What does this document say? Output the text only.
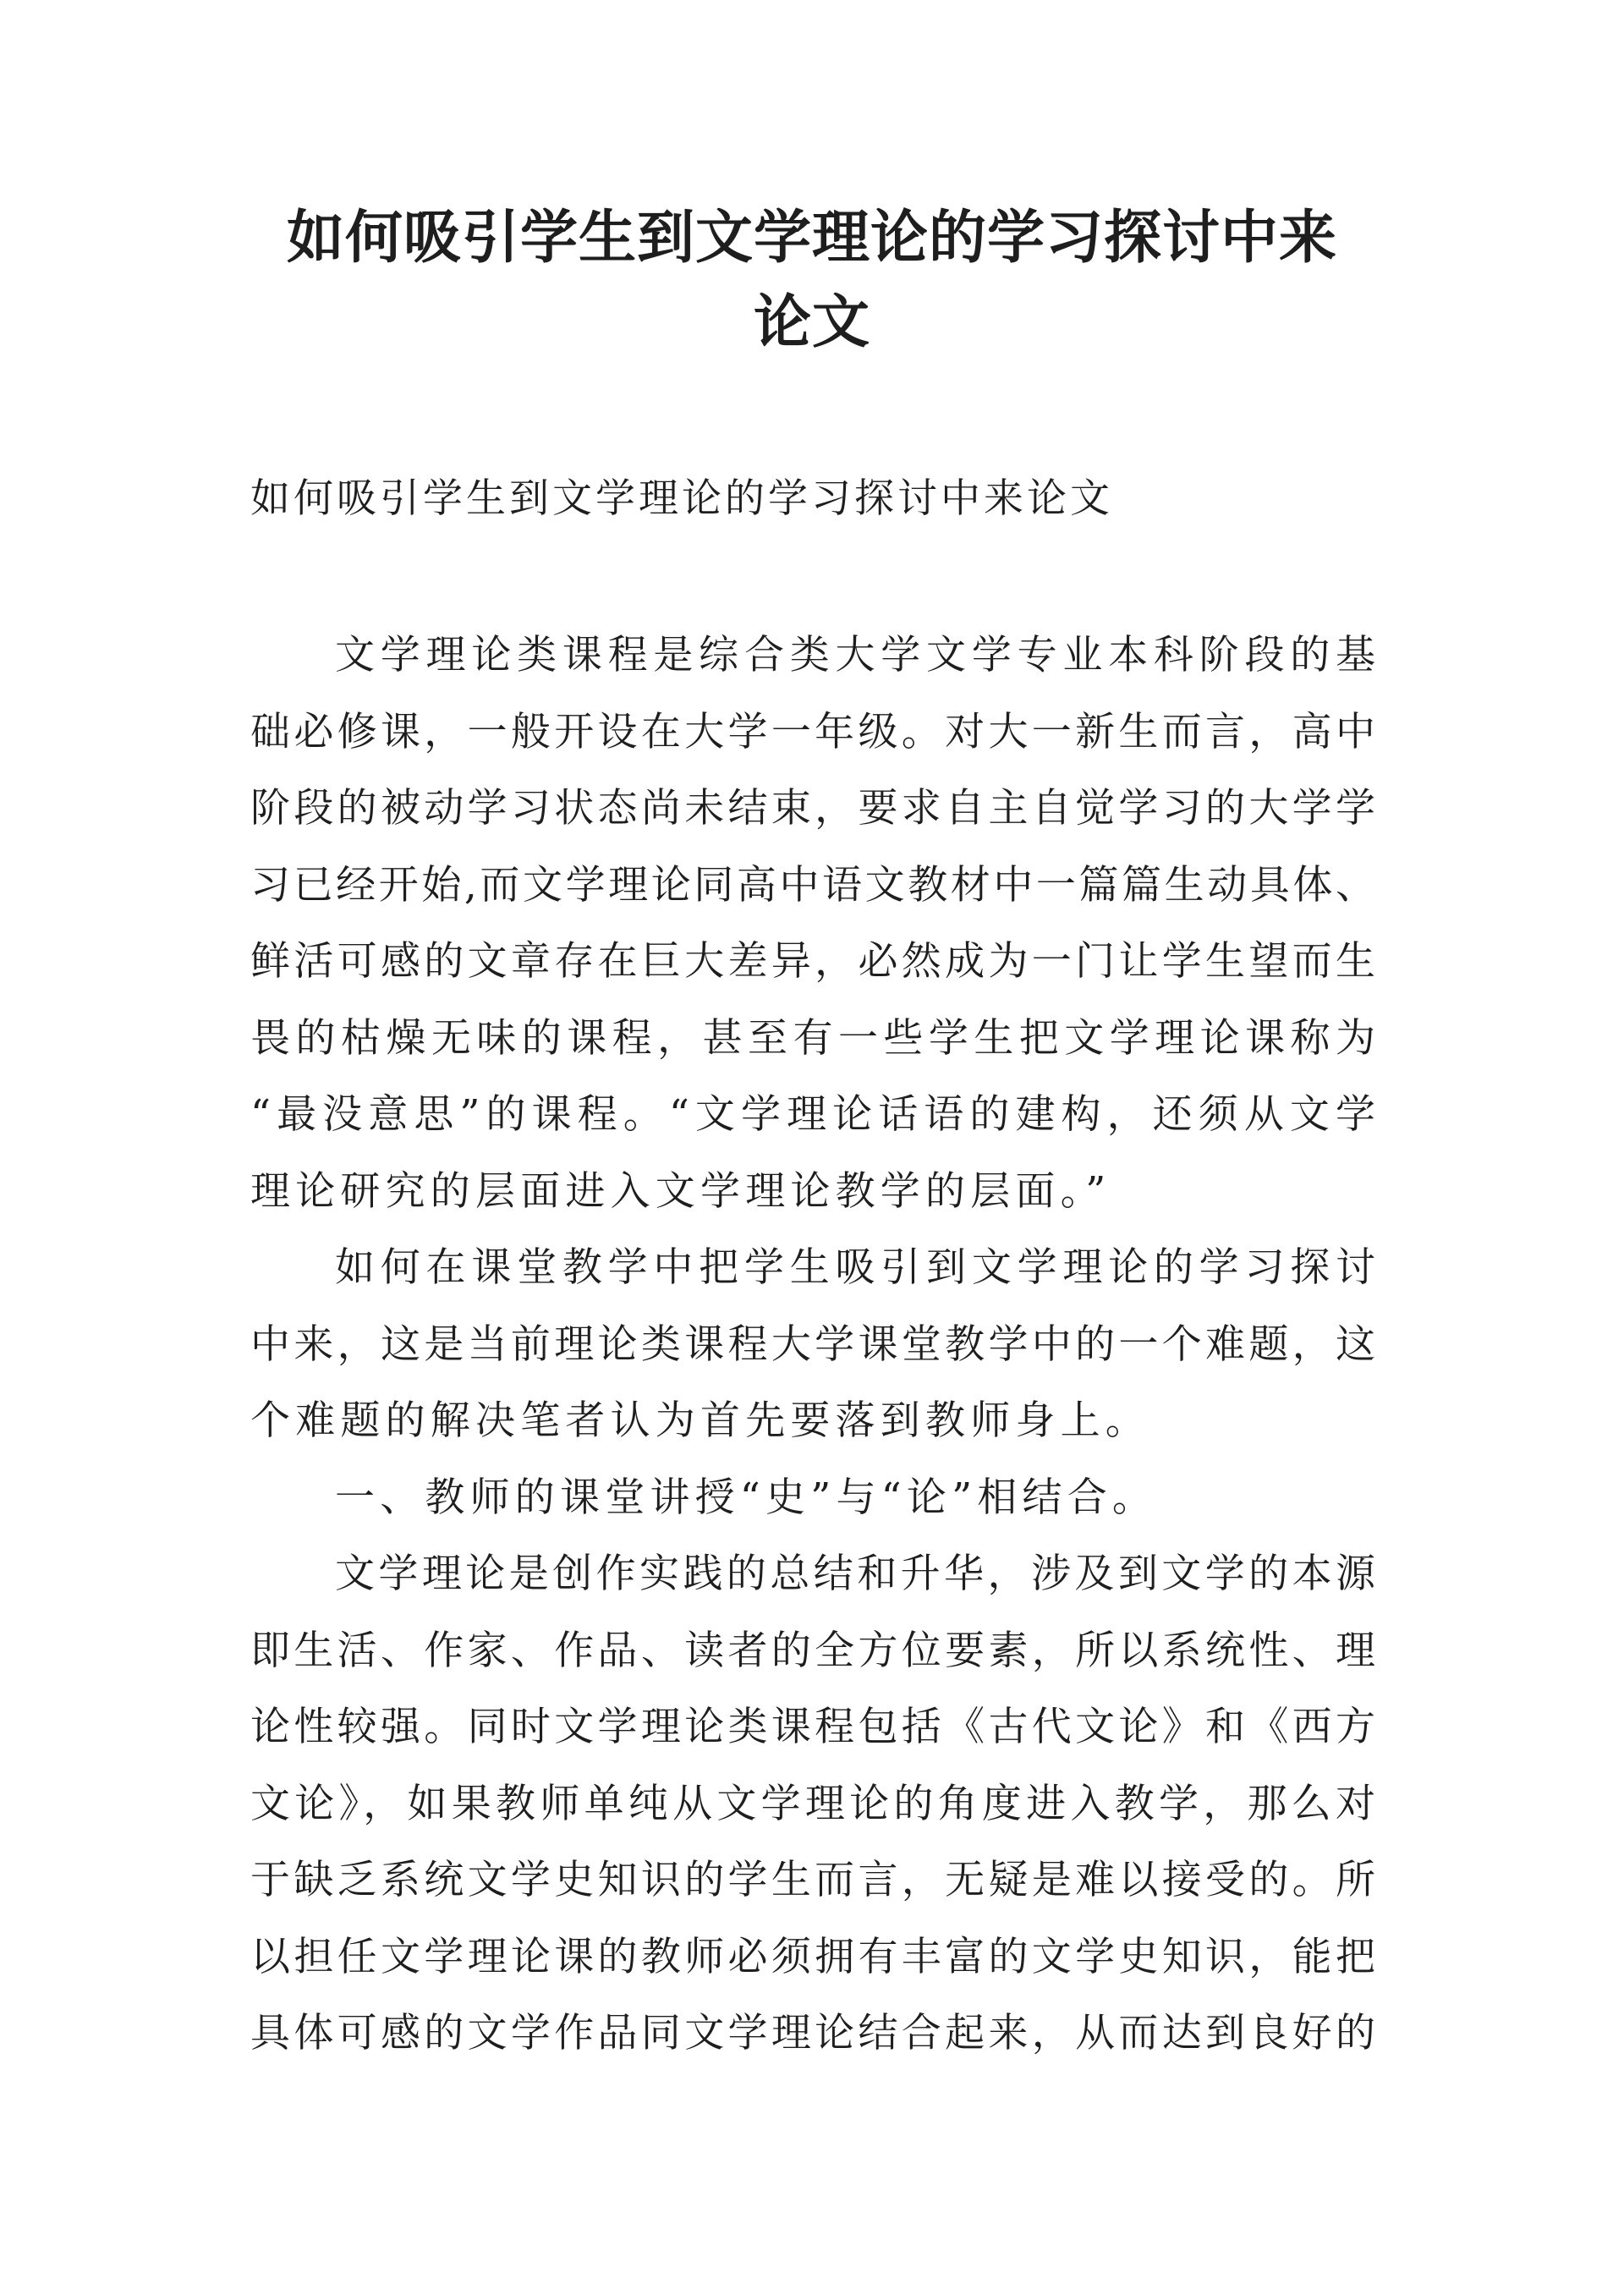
如何吸引学生到文学理论的学习探讨中来
论文
如何吸引学生到文学理论的学习探讨中来论文
文学理论类课程是综合类大学文学专业本科阶段的基
础必修课，一般开设在大学一年级。对大一新生而言，高中
阶段的被动学习状态尚未结束，要求自主自觉学习的大学学
习已经开始,而文学理论同高中语文教材中一篇篇生动具体、
鲜活可感的文章存在巨大差异，必然成为一门让学生望而生
畏的枯燥无味的课程，甚至有一些学生把文学理论课称为
“最没意思”的课程。“文学理论话语的建构，还须从文学
理论研究的层面进入文学理论教学的层面。”
如何在课堂教学中把学生吸引到文学理论的学习探讨
中来，这是当前理论类课程大学课堂教学中的一个难题，这
个难题的解决笔者认为首先要落到教师身上。
一、教师的课堂讲授“史”与“论”相结合。
文学理论是创作实践的总结和升华，涉及到文学的本源
即生活、作家、作品、读者的全方位要素，所以系统性、理
论性较强。同时文学理论类课程包括《古代文论》和《西方
文论》，如果教师单纯从文学理论的角度进入教学，那么对
于缺乏系统文学史知识的学生而言，无疑是难以接受的。所
以担任文学理论课的教师必须拥有丰富的文学史知识，能把
具体可感的文学作品同文学理论结合起来，从而达到良好的
